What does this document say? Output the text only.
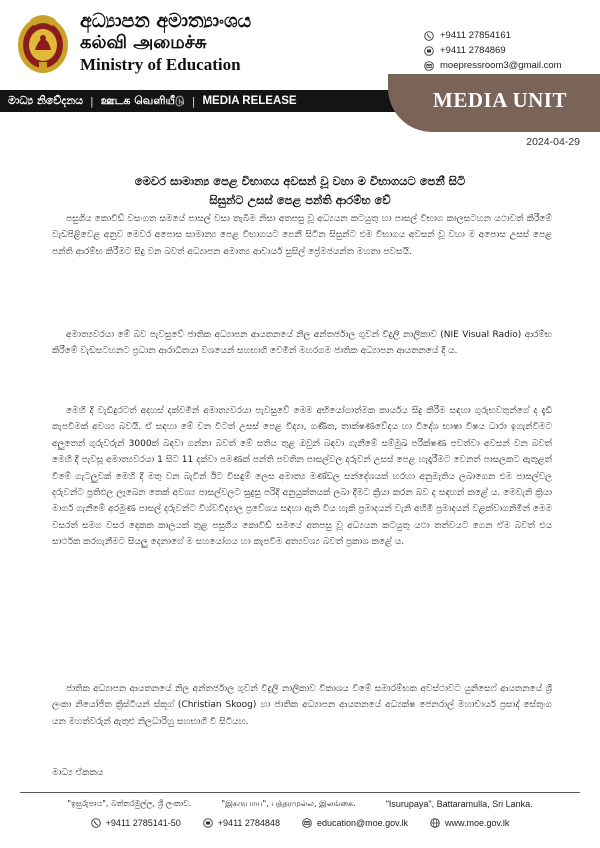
අධ්‍යාපන අමාත්‍යාංශය
கல்வி அமைச்சு
Ministry of Education
+9411 27854161
+9411 2784869
moepressroom3@gmail.com
මාධ්‍ය නිවේදනය | ஊடக வெளியீடு | MEDIA RELEASE	MEDIA UNIT
2024-04-29
මෙවර සාමාන්‍ය පෙළ විභාගය අවසන් වූ වහා ම විභාගයට පෙනී සිටි
සිසුන්ට උසස් පෙළ පන්ති ආරම්භ වේ

පසුගිය කොවිඩ් වසංගත සමයේ පාසල් වසා තැබීම නිසා අතපසු වූ අධ්‍යයන කටයුතු හා පාසල් විභාග කාලසටහන යථාවත් කිරීමේ වැඩපිළිවෙළ අනුව මෙවර අපොස සාමාන්‍ය පෙළ විභාගයට පෙනී සිටින සිසුන්ට එම විභාගය අවසන් වූ වහා ම අපොස උසස් පෙළ පන්ති ආරම්භ කිරීමට සිදු වන බවත් අධ්‍යාපන අමාත්‍ය ආචාර්ය සුසිල් ප්‍රේමජයන්ත මහතා පවසයි.

අමාත්‍යවරයා මේ බව පැවසුවේ ජාතික අධ්‍යාපන ආයතනයේ නිල අන්තර්ජාල ගුවන් විදුලි නාලිකාව (NIE Visual Radio) ආරම්භ කිරීමේ වැඩසටහනට ප්‍රධාන ආරාධිතයා වශයෙන් සහභාගි වෙමින් මහරගම ජාතික අධ්‍යාපන ආයතනයේ දී ය.

මෙහි දී වැඩිදුරටත් අදහස් දක්වමින් අමාත්‍යවරයා පැවසුවේ මෙම අභියෝගාත්මක කාර්යය සිදු කිරීම සඳහා ගුරුභවතුන්ගේ ද දැඩි කැපවීමක් අවශ්‍ය බවයි. ඒ සඳහා මේ වන විටත් උසස් පෙළ විද්‍යා, ගණිත, තාක්ෂණවේදය හා විදේශ භාෂා විෂය ධාරා ඉගැන්වීමට අලුතෙන් ගුරුවරුන් 3000ක් බඳවා ගන්නා බවත් මේ සතිය තුළ ඔවුන් බඳවා ගැනීමේ සම්මුඛ පරීක්ෂණ පවත්වා අවසන් වන බවත් මෙහි දී පැවසූ අමාත්‍යවරයා 1 සිට 11 දක්වා පමණක් පන්ති පවතින පාසල්වල දරුවන් උසස් පෙළ හැදෑරීමට වෙනත් පාසලකට ඇතුළත් වීමේ ගැටලුවක් මෙහි දී මතු වන බැවින් ඊට විසඳුම් ලෙස අමාත්‍ය මණ්ඩල සන්දේශයක් හරහා අනුමැතිය ලබාගෙන එම පාසල්වල දරුවන්ට ප්‍රතිඵල ලැබෙන තෙක් අවශ්‍ය පාසල්වලට සුදුසු පරිදි අනුයුක්තයක් ලබා දීමට ක්‍රියා කරන බව ද සඳහන් කළේ ය. මෙවැනි ක්‍රියා මාර්ග ගැනීමේ අරමුණ පාසල් දරුවන්ට විශ්වවිද්‍යාල ප්‍රවේශය සඳහා ඇති විය හැකි ප්‍රමාදයන් වැනි අහිමි ප්‍රමාදයන් වළක්වාගනිමින් මෙම වසරත් සමග වසර දෙකක කාලයක් තුළ පසුගිය කොවිඩ් සමයේ අතපසු වූ අධ්‍යයන කටයුතු යථා තත්වයට ගෙන ඒම බවත් එය සාර්ථක කරගැනීමට සියලු දෙනාගේ ම සහයෝගය හා කැපවීම අත්‍යවශ්‍ය බවත් ප්‍රකාශ කළේ ය.

ජාතික අධ්‍යාපන ආයතනයේ නිල අන්තර්ජාල ගුවන් විදුලි නාලිකාව විකාශය වීමේ සමාරම්භක අවස්ථාවට යුනිසෙෆ් ආයතනයේ ශ්‍රී ලංකා නියෝජිත ක්‍රිස්ටියන් ස්කූග් (Christian Skoog) හා ජාතික අධ්‍යාපන ආයතනයේ අධ්‍යක්ෂ ජෙනරාල් මහාචාර්ය ප්‍රසාද් සේතුංග යන මහත්වරුන් ඇතුළු නිලධාරිහු සහභාගි වී සිටියහ.

මාධ්‍ය ඒකකය
"ඉසුරුපාය", බත්තරමුල්ල, ශ්‍රී ලංකාව.	"இசுருபாய", பத்தரமுல்ல, இலங்கை.	"Isurupaya", Battaramulla, Sri Lanka.
+9411 2785141-50	+9411 2784848	education@moe.gov.lk	www.moe.gov.lk
